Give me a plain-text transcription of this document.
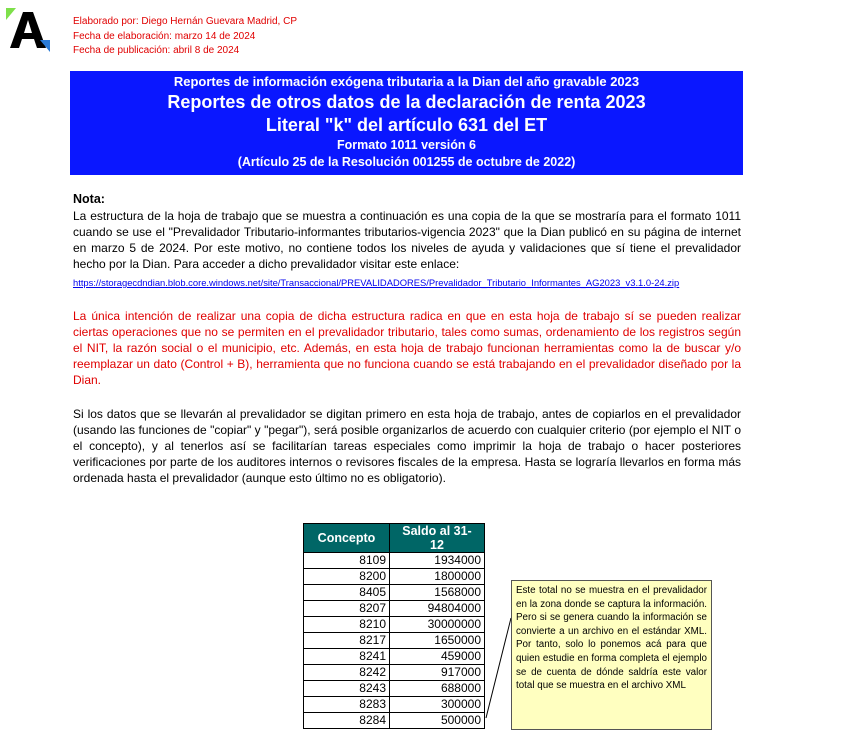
Elaborado por: Diego Hernán Guevara Madrid, CP
Fecha de elaboración: marzo 14 de 2024
Fecha de publicación: abril 8 de 2024
Reportes de información exógena tributaria a la Dian del año gravable 2023
Reportes de otros datos de la declaración de renta 2023
Literal "k" del artículo 631 del ET
Formato 1011 versión 6
(Artículo 25 de la Resolución 001255 de octubre de 2022)
Nota:
La estructura de la hoja de trabajo que se muestra a continuación es una copia de la que se mostraría para el formato 1011 cuando se use el "Prevalidador Tributario-informantes tributarios-vigencia 2023" que la Dian publicó en su página de internet en marzo 5 de 2024. Por este motivo, no contiene todos los niveles de ayuda y validaciones que sí tiene el prevalidador hecho por la Dian. Para acceder a dicho prevalidador visitar este enlace:
https://storagecdndian.blob.core.windows.net/site/Transaccional/PREVALIDADORES/Prevalidador_Tributario_Informantes_AG2023_v3.1.0-24.zip
La única intención de realizar una copia de dicha estructura radica en que en esta hoja de trabajo sí se pueden realizar ciertas operaciones que no se permiten en el prevalidador tributario, tales como sumas, ordenamiento de los registros según el NIT, la razón social o el municipio, etc. Además, en esta hoja de trabajo funcionan herramientas como la de buscar y/o reemplazar un dato (Control + B), herramienta que no funciona cuando se está trabajando en el prevalidador diseñado por la Dian.
Si los datos que se llevarán al prevalidador se digitan primero en esta hoja de trabajo, antes de copiarlos en el prevalidador (usando las funciones de "copiar" y "pegar"), será posible organizarlos de acuerdo con cualquier criterio (por ejemplo el NIT o el concepto), y al tenerlos así se facilitarían tareas especiales como imprimir la hoja de trabajo o hacer posteriores verificaciones por parte de los auditores internos o revisores fiscales de la empresa. Hasta se lograría llevarlos en forma más ordenada hasta el prevalidador (aunque esto último no es obligatorio).
Concepto	Saldo al 31-12
8109	1934000
8200	1800000
8405	1568000
8207	94804000
8210	30000000
8217	1650000
8241	459000
8242	917000
8243	688000
8283	300000
8284	500000
Este total no se muestra en el prevalidador en la zona donde se captura la información. Pero si se genera cuando la información se convierte a un archivo en el estándar XML. Por tanto, solo lo ponemos acá para que quien estudie en forma completa el ejemplo se de cuenta de dónde saldría este valor total que se muestra en el archivo XML
